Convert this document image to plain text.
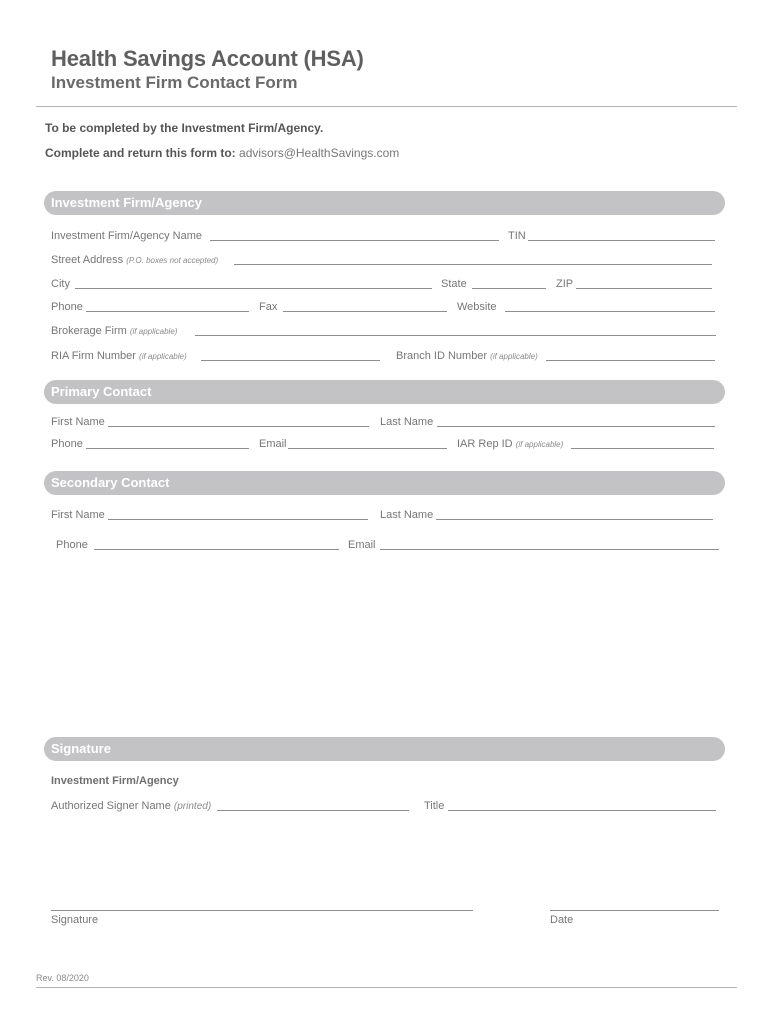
Health Savings Account (HSA)
Investment Firm Contact Form
To be completed by the Investment Firm/Agency.
Complete and return this form to: advisors@HealthSavings.com
Investment Firm/Agency
Investment Firm/Agency Name	TIN
Street Address (P.O. boxes not accepted)
City	State	ZIP
Phone	Fax	Website
Brokerage Firm (if applicable)
RIA Firm Number (if applicable)	Branch ID Number (if applicable)
Primary Contact
First Name	Last Name
Phone	Email	IAR Rep ID (if applicable)
Secondary Contact
First Name	Last Name
Phone	Email
Signature
Investment Firm/Agency
Authorized Signer Name (printed)	Title
Signature	Date
Rev. 08/2020
